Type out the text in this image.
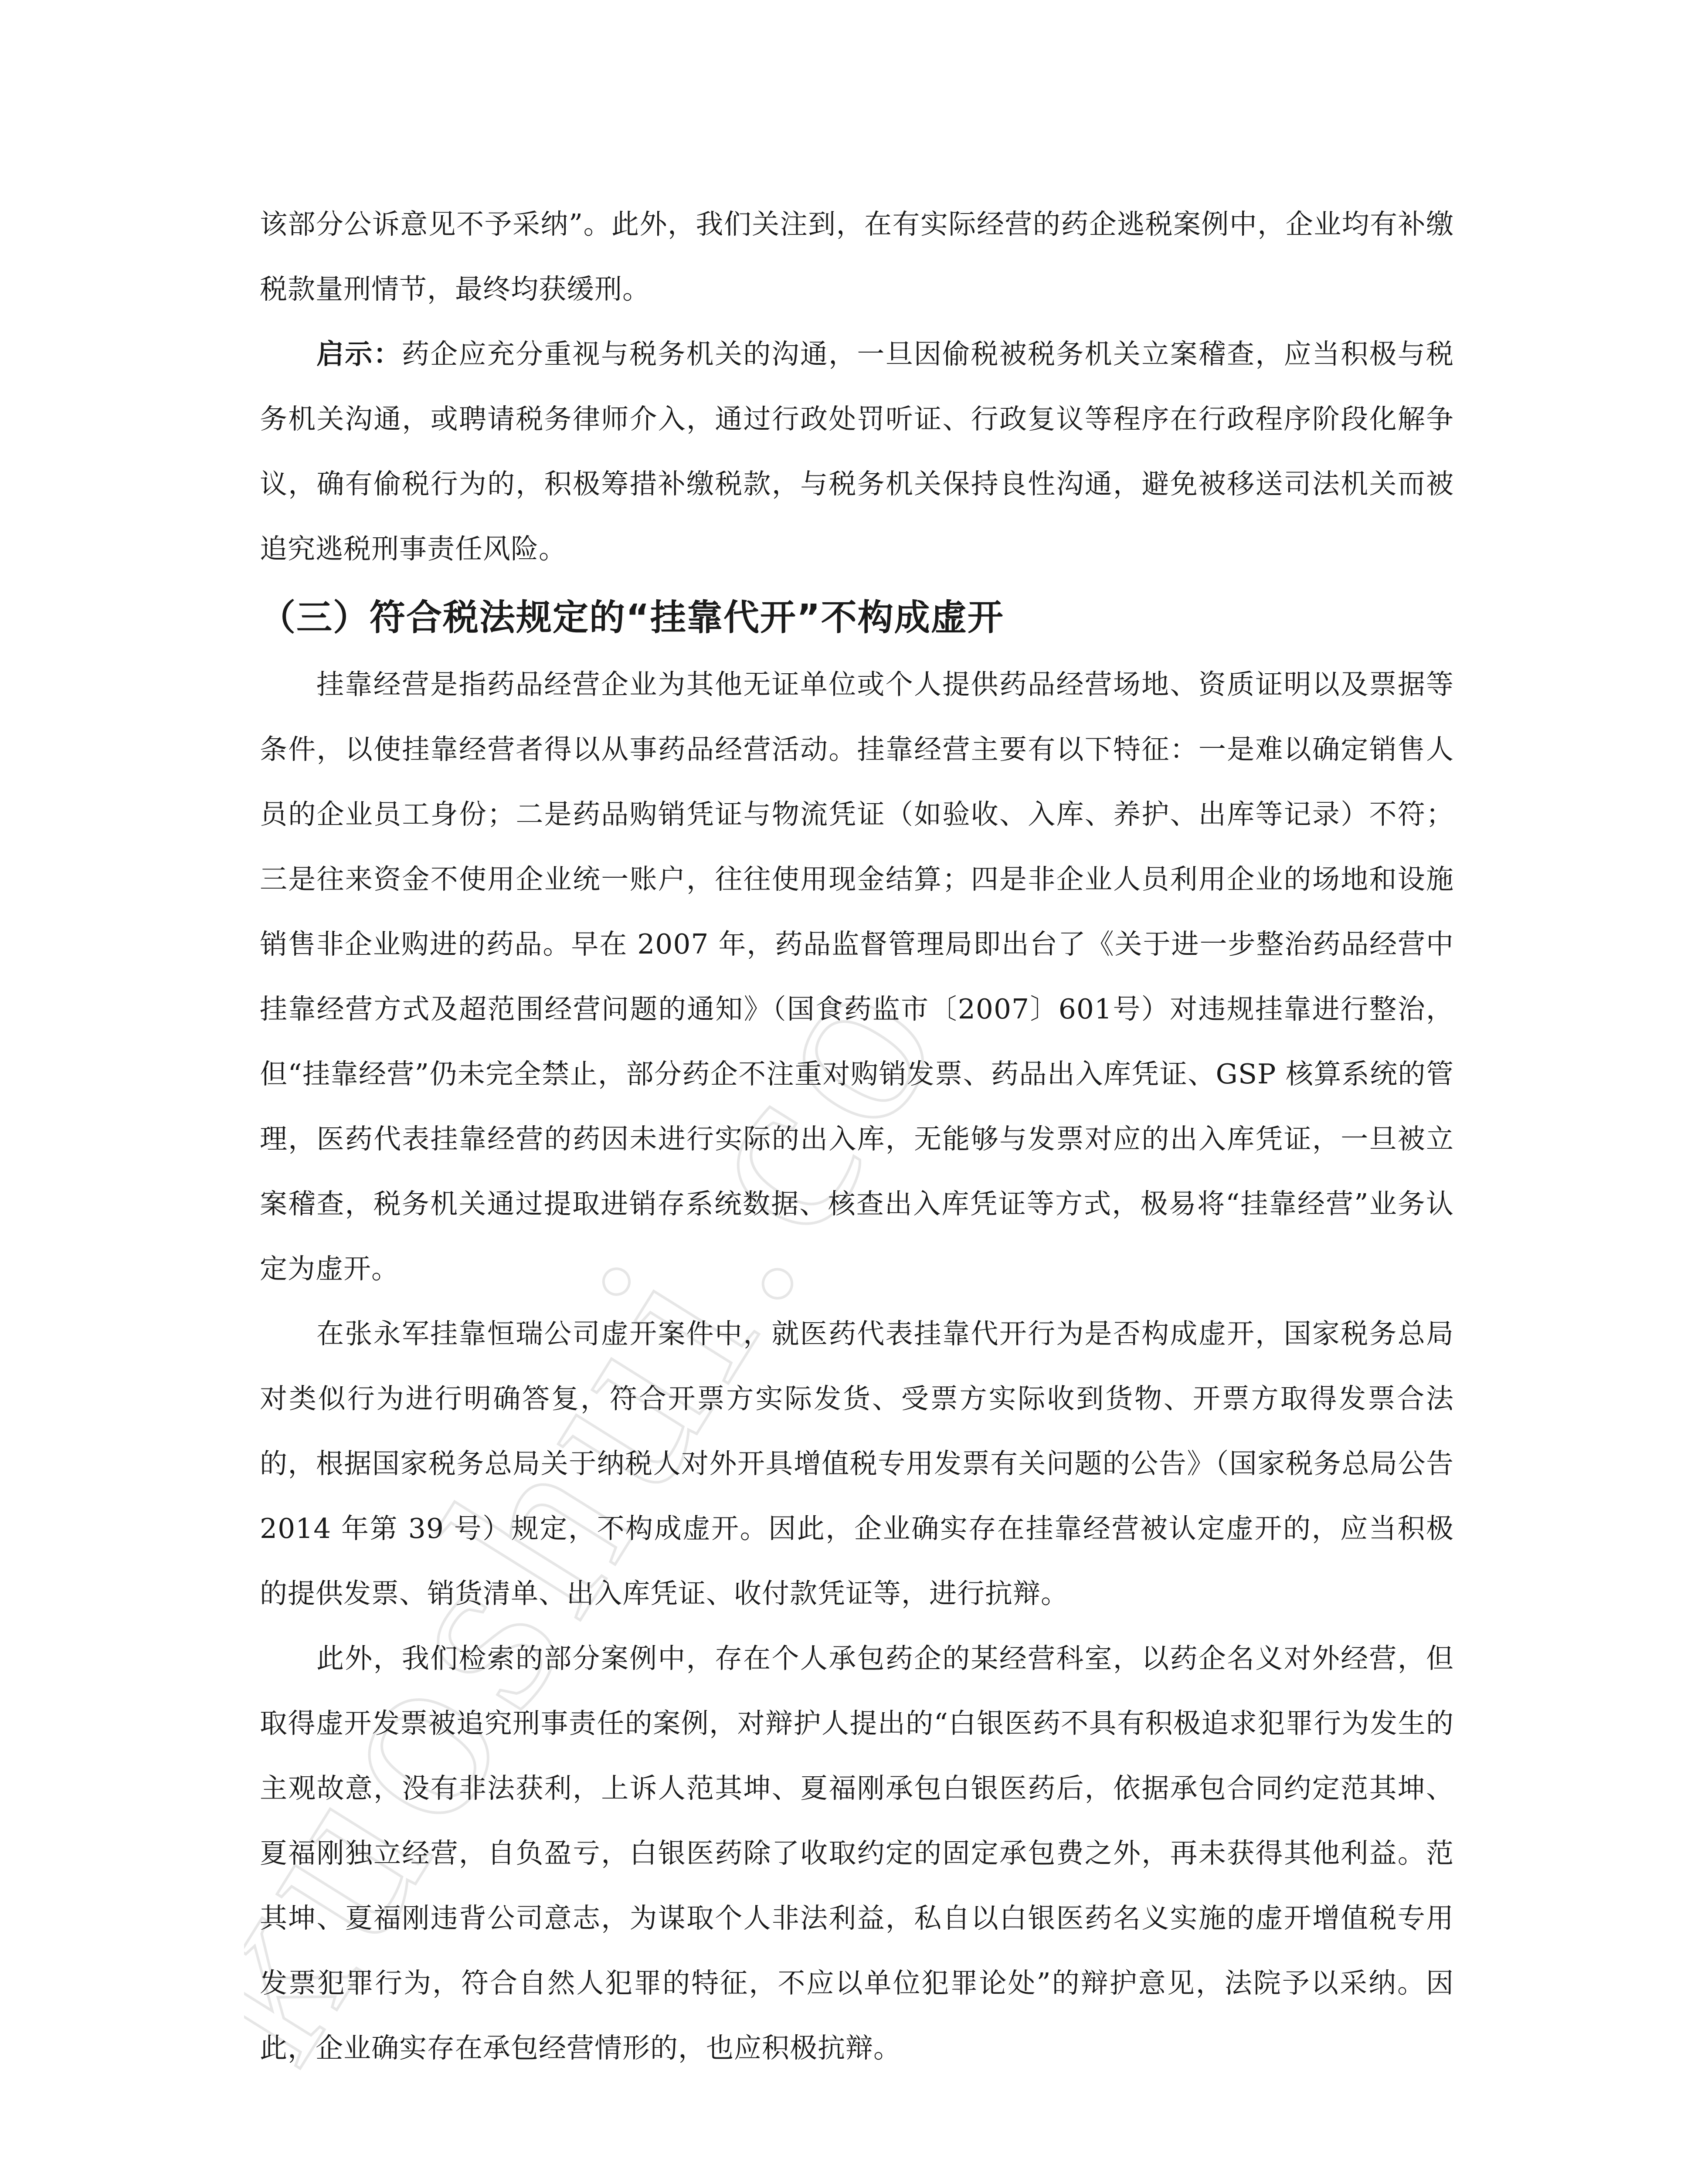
kuoshui.co

该部分公诉意见不予采纳”。此外，我们关注到，在有实际经营的药企逃税案例中，企业均有补缴税款量刑情节，最终均获缓刑。

启示：药企应充分重视与税务机关的沟通，一旦因偷税被税务机关立案稽查，应当积极与税务机关沟通，或聘请税务律师介入，通过行政处罚听证、行政复议等程序在行政程序阶段化解争议，确有偷税行为的，积极筹措补缴税款，与税务机关保持良性沟通，避免被移送司法机关而被追究逃税刑事责任风险。

（三）符合税法规定的“挂靠代开”不构成虚开

挂靠经营是指药品经营企业为其他无证单位或个人提供药品经营场地、资质证明以及票据等条件，以使挂靠经营者得以从事药品经营活动。挂靠经营主要有以下特征：一是难以确定销售人员的企业员工身份；二是药品购销凭证与物流凭证（如验收、入库、养护、出库等记录）不符；三是往来资金不使用企业统一账户，往往使用现金结算；四是非企业人员利用企业的场地和设施销售非企业购进的药品。早在 2007 年，药品监督管理局即出台了《关于进一步整治药品经营中挂靠经营方式及超范围经营问题的通知》（国食药监市〔2007〕601号）对违规挂靠进行整治，但“挂靠经营”仍未完全禁止，部分药企不注重对购销发票、药品出入库凭证、GSP 核算系统的管理，医药代表挂靠经营的药因未进行实际的出入库，无能够与发票对应的出入库凭证，一旦被立案稽查，税务机关通过提取进销存系统数据、核查出入库凭证等方式，极易将“挂靠经营”业务认定为虚开。

在张永军挂靠恒瑞公司虚开案件中，就医药代表挂靠代开行为是否构成虚开，国家税务总局对类似行为进行明确答复，符合开票方实际发货、受票方实际收到货物、开票方取得发票合法的，根据国家税务总局关于纳税人对外开具增值税专用发票有关问题的公告》（国家税务总局公告 2014 年第 39 号）规定，不构成虚开。因此，企业确实存在挂靠经营被认定虚开的，应当积极的提供发票、销货清单、出入库凭证、收付款凭证等，进行抗辩。

此外，我们检索的部分案例中，存在个人承包药企的某经营科室，以药企名义对外经营，但取得虚开发票被追究刑事责任的案例，对辩护人提出的“白银医药不具有积极追求犯罪行为发生的主观故意，没有非法获利，上诉人范其坤、夏福刚承包白银医药后，依据承包合同约定范其坤、夏福刚独立经营，自负盈亏，白银医药除了收取约定的固定承包费之外，再未获得其他利益。范其坤、夏福刚违背公司意志，为谋取个人非法利益，私自以白银医药名义实施的虚开增值税专用发票犯罪行为，符合自然人犯罪的特征，不应以单位犯罪论处”的辩护意见，法院予以采纳。因此，企业确实存在承包经营情形的，也应积极抗辩。
